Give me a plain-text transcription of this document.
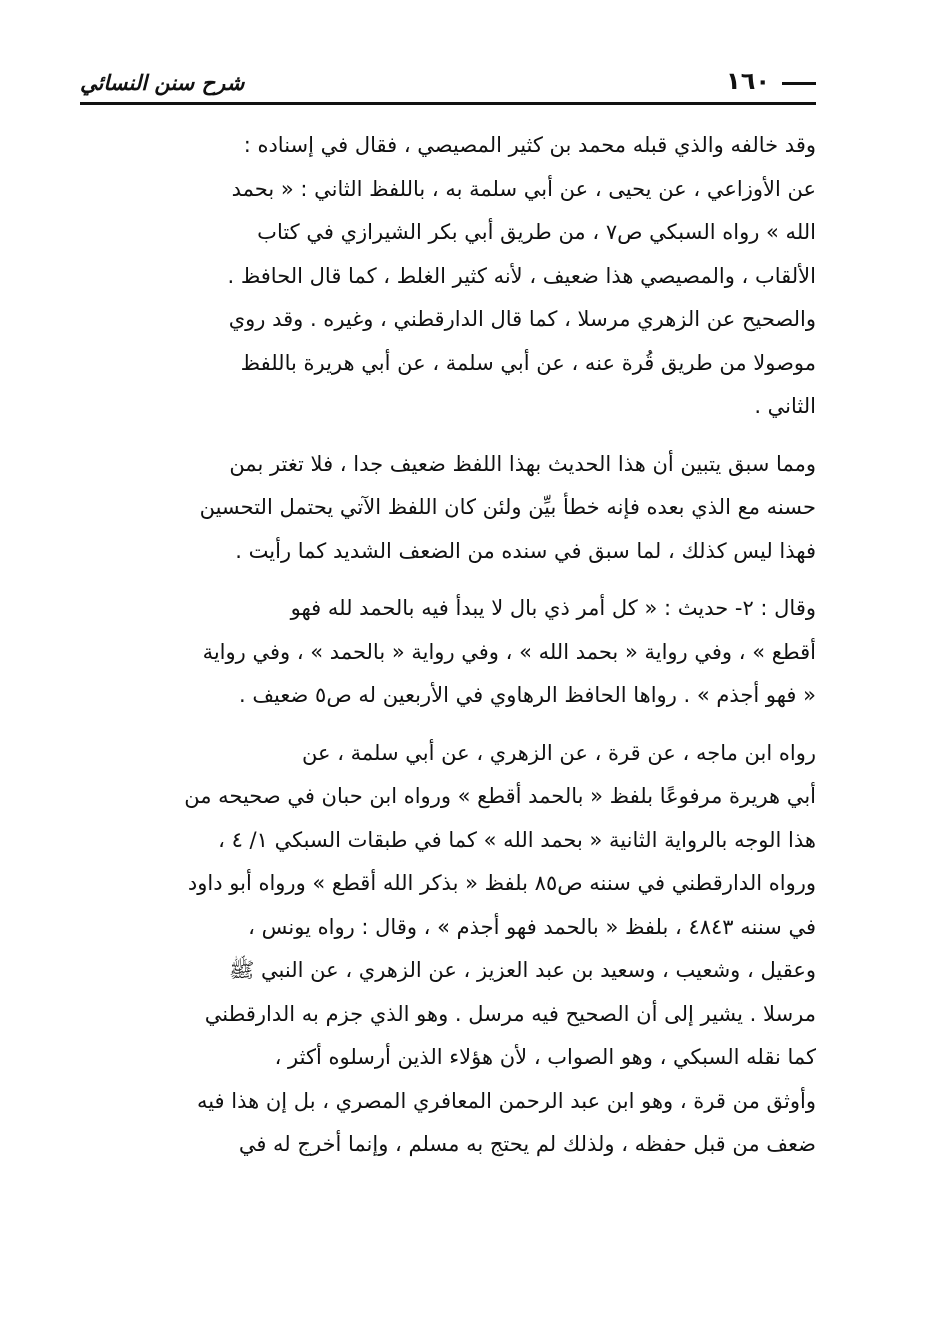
شرح سنن النسائي	١٦٠
وقد خالفه والذي قبله محمد بن كثير المصيصي ، فقال في إسناده :
عن الأوزاعي ، عن يحيى ، عن أبي سلمة به ، باللفظ الثاني : « بحمد
الله » رواه السبكي ص٧ ، من طريق أبي بكر الشيرازي في كتاب
الألقاب ، والمصيصي هذا ضعيف ، لأنه كثير الغلط ، كما قال الحافظ .
والصحيح عن الزهري مرسلا ، كما قال الدارقطني ، وغيره . وقد روي
موصولا من طريق قُرة عنه ، عن أبي سلمة ، عن أبي هريرة باللفظ
الثاني .
ومما سبق يتبين أن هذا الحديث بهذا اللفظ ضعيف جدا ، فلا تغتر بمن
حسنه مع الذي بعده فإنه خطأ بيِّن ولئن كان اللفظ الآتي يحتمل التحسين
فهذا ليس كذلك ، لما سبق في سنده من الضعف الشديد كما رأيت .
وقال : ٢- حديث : « كل أمر ذي بال لا يبدأ فيه بالحمد لله فهو
أقطع » ، وفي رواية « بحمد الله » ، وفي رواية « بالحمد » ، وفي رواية
« فهو أجذم » . رواها الحافظ الرهاوي في الأربعين له ص٥ ضعيف .
رواه ابن ماجه ، عن قرة ، عن الزهري ، عن أبي سلمة ، عن
أبي هريرة مرفوعًا بلفظ « بالحمد أقطع » ورواه ابن حبان في صحيحه من
هذا الوجه بالرواية الثانية « بحمد الله » كما في طبقات السبكي ١/ ٤ ،
ورواه الدارقطني في سننه ص٨٥ بلفظ « بذكر الله أقطع » ورواه أبو داود
في سننه ٤٨٤٣ ، بلفظ « بالحمد فهو أجذم » ، وقال : رواه يونس ،
وعقيل ، وشعيب ، وسعيد بن عبد العزيز ، عن الزهري ، عن النبي ﷺ
مرسلا . يشير إلى أن الصحيح فيه مرسل . وهو الذي جزم به الدارقطني
كما نقله السبكي ، وهو الصواب ، لأن هؤلاء الذين أرسلوه أكثر ،
وأوثق من قرة ، وهو ابن عبد الرحمن المعافري المصري ، بل إن هذا فيه
ضعف من قبل حفظه ، ولذلك لم يحتج به مسلم ، وإنما أخرج له في
